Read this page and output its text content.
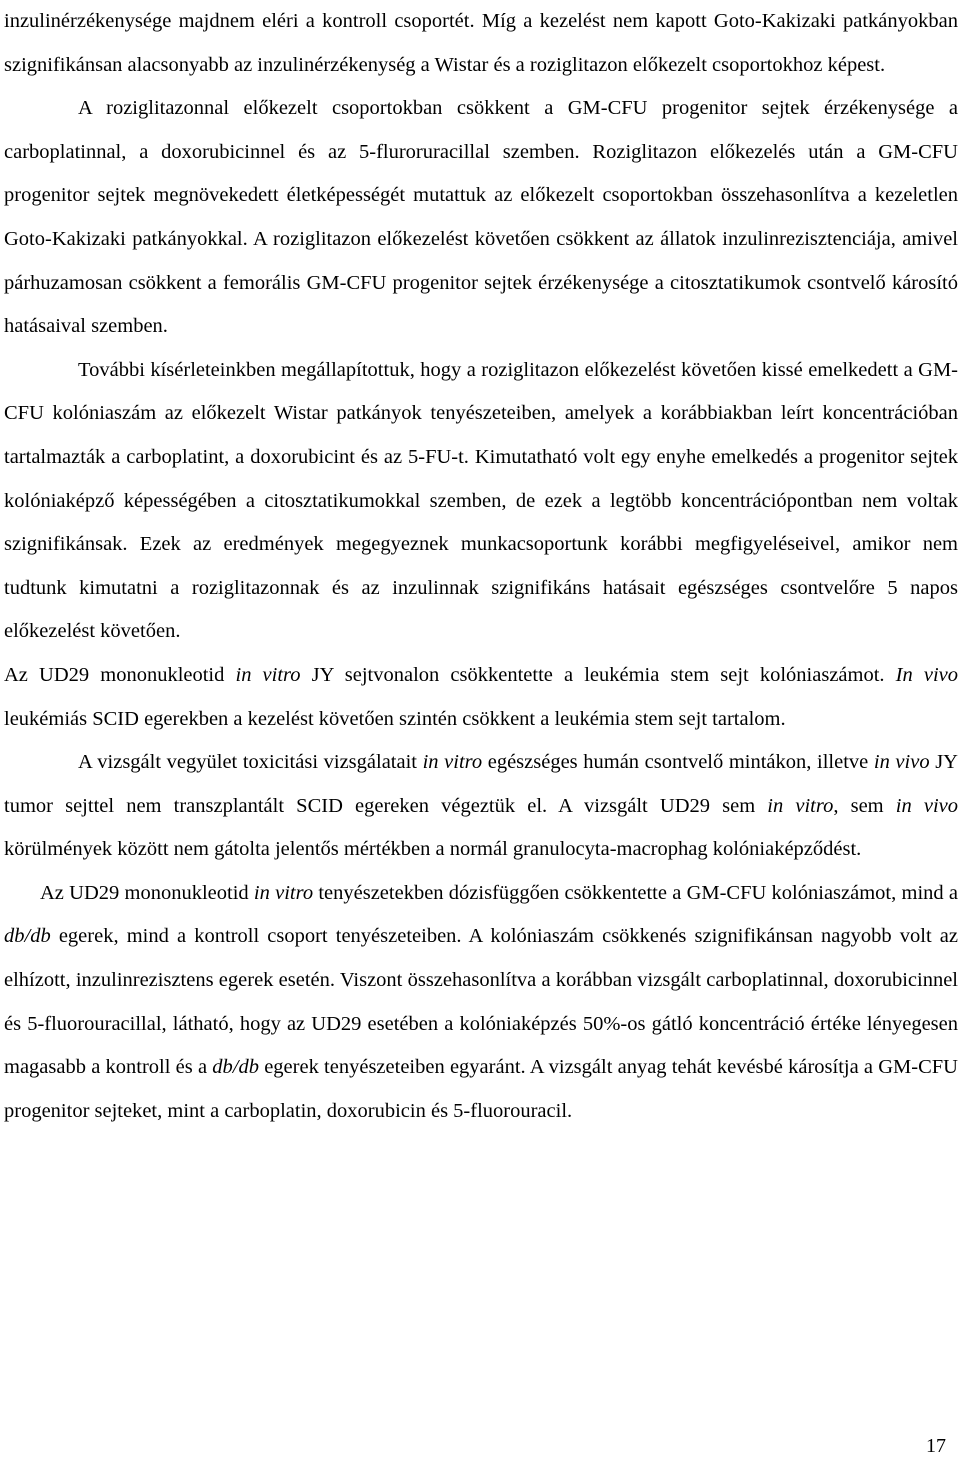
inzulinérzékenysége majdnem eléri a kontroll csoportét. Míg a kezelést nem kapott Goto-Kakizaki patkányokban szignifikánsan alacsonyabb az inzulinérzékenység a Wistar és a roziglitazon előkezelt csoportokhoz képest.

A roziglitazonnal előkezelt csoportokban csökkent a GM-CFU progenitor sejtek érzékenysége a carboplatinnal, a doxorubicinnel és az 5-fluroruracillal szemben. Roziglitazon előkezelés után a GM-CFU progenitor sejtek megnövekedett életképességét mutattuk az előkezelt csoportokban összehasonlítva a kezeletlen Goto-Kakizaki patkányokkal. A roziglitazon előkezelést követően csökkent az állatok inzulinrezisztenciája, amivel párhuzamosan csökkent a femorális GM-CFU progenitor sejtek érzékenysége a citosztatikumok csontvelő károsító hatásaival szemben.

További kísérleteinkben megállapítottuk, hogy a roziglitazon előkezelést követően kissé emelkedett a GM-CFU kolóniaszám az előkezelt Wistar patkányok tenyészeteiben, amelyek a korábbiakban leírt koncentrációban tartalmazták a carboplatint, a doxorubicint és az 5-FU-t. Kimutatható volt egy enyhe emelkedés a progenitor sejtek kolóniaképző képességében a citosztatikumokkal szemben, de ezek a legtöbb koncentrációpontban nem voltak szignifikánsak. Ezek az eredmények megegyeznek munkacsoportunk korábbi megfigyeléseivel, amikor nem tudtunk kimutatni a roziglitazonnak és az inzulinnak szignifikáns hatásait egészséges csontvelőre 5 napos előkezelést követően.

Az UD29 mononukleotid in vitro JY sejtvonalon csökkentette a leukémia stem sejt kolóniaszámot. In vivo leukémiás SCID egerekben a kezelést követően szintén csökkent a leukémia stem sejt tartalom.

A vizsgált vegyület toxicitási vizsgálatait in vitro egészséges humán csontvelő mintákon, illetve in vivo JY tumor sejttel nem transzplantált SCID egereken végeztük el. A vizsgált UD29 sem in vitro, sem in vivo körülmények között nem gátolta jelentős mértékben a normál granulocyta-macrophag kolóniaképződést.

Az UD29 mononukleotid in vitro tenyészetekben dózisfüggően csökkentette a GM-CFU kolóniaszámot, mind a db/db egerek, mind a kontroll csoport tenyészeteiben. A kolóniaszám csökkenés szignifikánsan nagyobb volt az elhízott, inzulinrezisztens egerek esetén. Viszont összehasonlítva a korábban vizsgált carboplatinnal, doxorubicinnel és 5-fluorouracillal, látható, hogy az UD29 esetében a kolóniaképzés 50%-os gátló koncentráció értéke lényegesen magasabb a kontroll és a db/db egerek tenyészeteiben egyaránt. A vizsgált anyag tehát kevésbé károsítja a GM-CFU progenitor sejteket, mint a carboplatin, doxorubicin és 5-fluorouracil.

17
